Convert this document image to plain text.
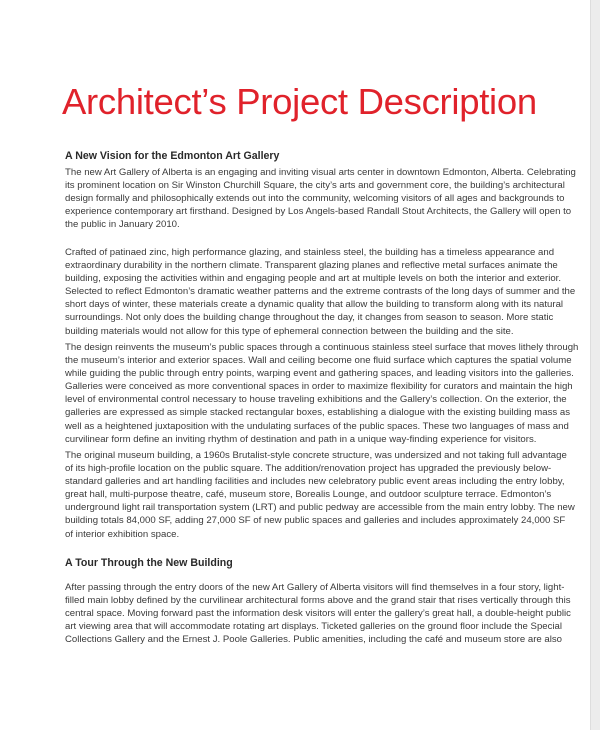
Architect’s Project Description
A New Vision for the Edmonton Art Gallery

The new Art Gallery of Alberta is an engaging and inviting visual arts center in downtown Edmonton, Alberta. Celebrating
its prominent location on Sir Winston Churchill Square, the city’s arts and government core, the building’s architectural
design formally and philosophically extends out into the community, welcoming visitors of all ages and backgrounds to
experience contemporary art firsthand. Designed by Los Angels-based Randall Stout Architects, the Gallery will open to
the public in January 2010.

Crafted of patinaed zinc, high performance glazing, and stainless steel, the building has a timeless appearance and
extraordinary durability in the northern climate. Transparent glazing planes and reflective metal surfaces animate the
building, exposing the activities within and engaging people and art at multiple levels on both the interior and exterior.
Selected to reflect Edmonton’s dramatic weather patterns and the extreme contrasts of the long days of summer and the
short days of winter, these materials create a dynamic quality that allow the building to transform along with its natural
surroundings. Not only does the building change throughout the day, it changes from season to season. More static
building materials would not allow for this type of ephemeral connection between the building and the site.

The design reinvents the museum’s public spaces through a continuous stainless steel surface that moves lithely through
the museum’s interior and exterior spaces. Wall and ceiling become one fluid surface which captures the spatial volume
while guiding the public through entry points, warping event and gathering spaces, and leading visitors into the galleries.
Galleries were conceived as more conventional spaces in order to maximize flexibility for curators and maintain the high
level of environmental control necessary to house traveling exhibitions and the Gallery’s collection. On the exterior, the
galleries are expressed as simple stacked rectangular boxes, establishing a dialogue with the existing building mass as
well as a heightened juxtaposition with the undulating surfaces of the public spaces. These two languages of mass and
curvilinear form define an inviting rhythm of destination and path in a unique way-finding experience for visitors.

The original museum building, a 1960s Brutalist-style concrete structure, was undersized and not taking full advantage
of its high-profile location on the public square. The addition/renovation project has upgraded the previously below-
standard galleries and art handling facilities and includes new celebratory public event areas including the entry lobby,
great hall, multi-purpose theatre, café, museum store, Borealis Lounge, and outdoor sculpture terrace. Edmonton’s
underground light rail transportation system (LRT) and public pedway are accessible from the main entry lobby. The new
building totals 84,000 SF, adding 27,000 SF of new public spaces and galleries and includes approximately 24,000 SF
of interior exhibition space.

A Tour Through the New Building

After passing through the entry doors of the new Art Gallery of Alberta visitors will find themselves in a four story, light-
filled main lobby defined by the curvilinear architectural forms above and the grand stair that rises vertically through this
central space. Moving forward past the information desk visitors will enter the gallery’s great hall, a double-height public
art viewing area that will accommodate rotating art displays. Ticketed galleries on the ground floor include the Special
Collections Gallery and the Ernest J. Poole Galleries. Public amenities, including the café and museum store are also
